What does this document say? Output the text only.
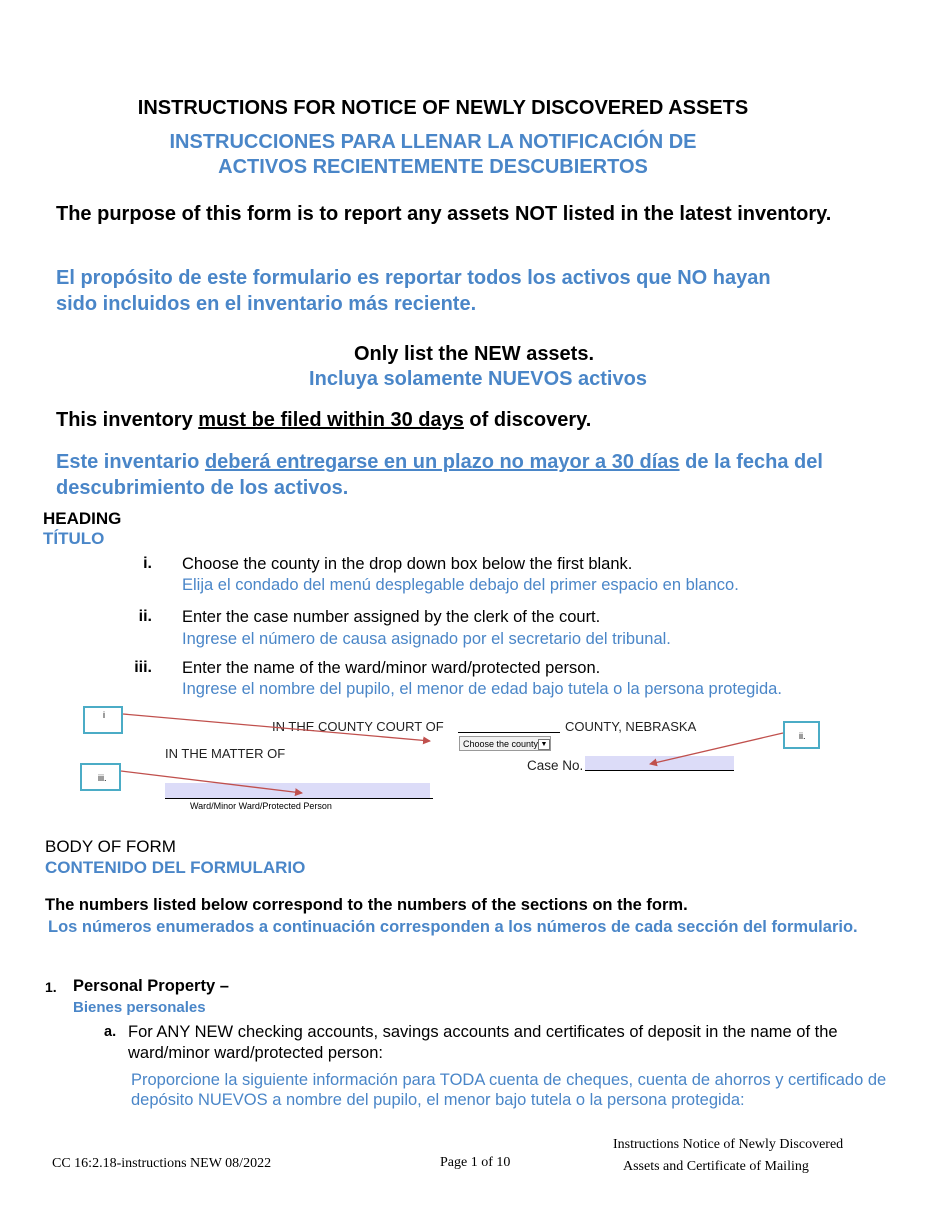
INSTRUCTIONS FOR NOTICE OF NEWLY DISCOVERED ASSETS
INSTRUCCIONES PARA LLENAR LA NOTIFICACIÓN DE
ACTIVOS RECIENTEMENTE DESCUBIERTOS
The purpose of this form is to report any assets NOT listed in the latest inventory.
El propósito de este formulario es reportar todos los activos que NO hayan sido incluidos en el inventario más reciente.
Only list the NEW assets.
Incluya solamente NUEVOS activos
This inventory must be filed within 30 days of discovery.
Este inventario deberá entregarse en un plazo no mayor a 30 días de la fecha del descubrimiento de los activos.
HEADING
TÍTULO
i. Choose the county in the drop down box below the first blank.
Elija el condado del menú desplegable debajo del primer espacio en blanco.
ii. Enter the case number assigned by the clerk of the court.
Ingrese el número de causa asignado por el secretario del tribunal.
iii. Enter the name of the ward/minor ward/protected person.
Ingrese el nombre del pupilo, el menor de edad bajo tutela o la persona protegida.
IN THE COUNTY COURT OF	COUNTY, NEBRASKA
Choose the county ▼
IN THE MATTER OF
Case No.
Ward/Minor Ward/Protected Person
i
ii.
iii.
BODY OF FORM
CONTENIDO DEL FORMULARIO
The numbers listed below correspond to the numbers of the sections on the form.
Los números enumerados a continuación corresponden a los números de cada sección del formulario.
1. Personal Property –
Bienes personales
a. For ANY NEW checking accounts, savings accounts and certificates of deposit in the name of the ward/minor ward/protected person:
Proporcione la siguiente información para TODA cuenta de cheques, cuenta de ahorros y certificado de depósito NUEVOS a nombre del pupilo, el menor bajo tutela o la persona protegida:
CC 16:2.18-instructions NEW 08/2022	Page 1 of 10
Instructions Notice of Newly Discovered
Assets and Certificate of Mailing
